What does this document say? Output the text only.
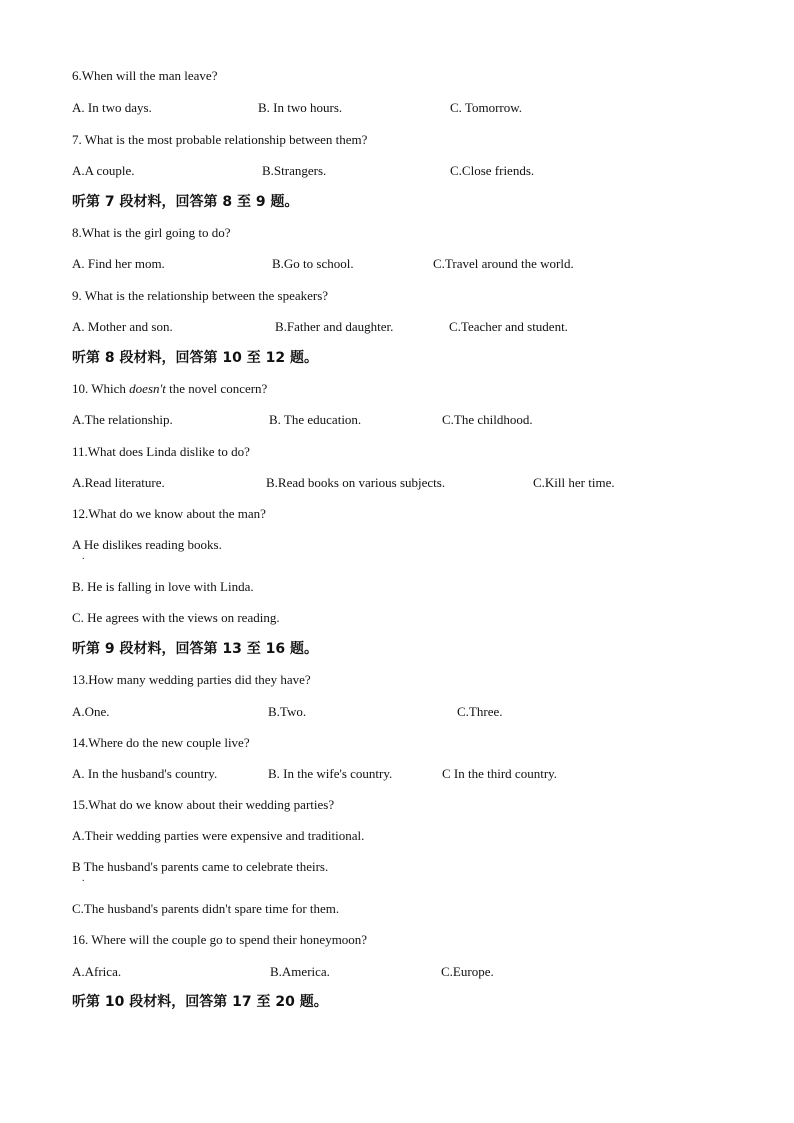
6.When will the man leave?
A. In two days.	B. In two hours.	C. Tomorrow.
7. What is the most probable relationship between them?
A.A couple.	B.Strangers.	C.Close friends.
听第 7 段材料，回答第 8 至 9 题。
8.What is the girl going to do?
A. Find her mom.	B.Go to school.	C.Travel around the world.
9. What is the relationship between the speakers?
A. Mother and son.	B.Father and daughter.	C.Teacher and student.
听第 8 段材料，回答第 10 至 12 题。
10. Which doesn't the novel concern?
A.The relationship.	B. The education.	C.The childhood.
11.What does Linda dislike to do?
A.Read literature.	B.Read books on various subjects.	C.Kill her time.
12.What do we know about the man?
A He dislikes reading books.
.
B. He is falling in love with Linda.
C. He agrees with the views on reading.
听第 9 段材料，回答第 13 至 16 题。
13.How many wedding parties did they have?
A.One.	B.Two.	C.Three.
14.Where do the new couple live?
A. In the husband's country.	B. In the wife's country.	C In the third country.
15.What do we know about their wedding parties?
A.Their wedding parties were expensive and traditional.
B The husband's parents came to celebrate theirs.
.
C.The husband's parents didn't spare time for them.
16. Where will the couple go to spend their honeymoon?
A.Africa.	B.America.	C.Europe.
听第 10 段材料，回答第 17 至 20 题。
